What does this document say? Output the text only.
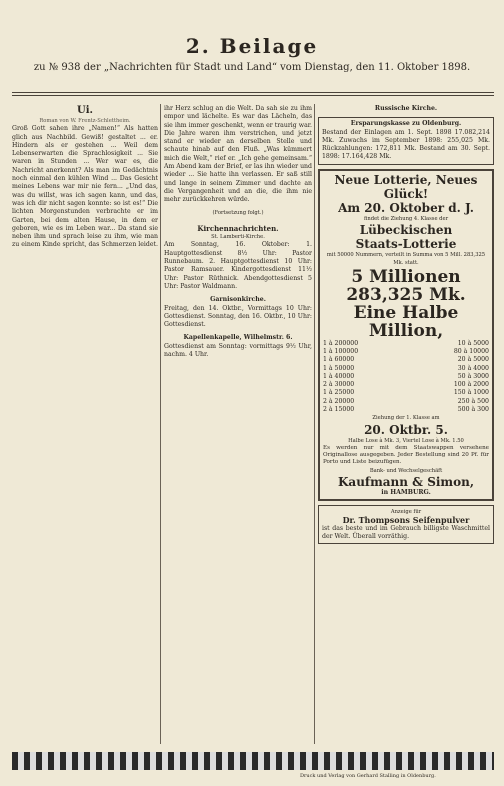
2. Beilage
zu № 938 der „Nachrichten für Stadt und Land“ vom Dienstag, den 11. Oktober 1898.
Ui.
Roman von W. Frentz-Schlettheim.
Groß Gott sahen ihre „Namen!“ Als hatten glich aus Nachbild. Gewiß! gestaltet ... er. Hindern als er gestehen ... Weil dem Lebenserwarten die Sprachlosigkeit ... Sie waren in Stunden ... Wer war es, die Nachricht anerkennt? Als man im Gedächtnis noch einmal den kühlen Wind ... Das Gesicht meines Lebens war mir nie fern... „Und das, was du willst, was ich sagen kann, und das, was ich dir nicht sagen konnte: so ist es!“ Die lichten Morgenstunden verbrachte er im Garten, bei dem alten Hause, in dem er geboren, wie es im Leben war... Da stand sie neben ihm und sprach leise zu ihm, wie man zu einem Kinde spricht, das Schmerzen leidet.
ihr Herz schlug an die Welt. Da sah sie zu ihm empor und lächelte. Es war das Lächeln, das sie ihm immer geschenkt, wenn er traurig war. Die Jahre waren ihm verstrichen, und jetzt stand er wieder an derselben Stelle und schaute hinab auf den Fluß. „Was kümmert mich die Welt,“ rief er. „Ich gehe gemeinsam.“ Am Abend kam der Brief, er las ihn wieder und wieder ... Sie hatte ihn verlassen. Er saß still und lange in seinem Zimmer und dachte an die Vergangenheit und an die, die ihm nie mehr zurückkehren würde.
(Fortsetzung folgt.)
Kirchennachrichten.
St. Lamberti-Kirche.
Am Sonntag, 16. Oktober: 1. Hauptgottesdienst 8½ Uhr: Pastor Runnebaum. 2. Hauptgottesdienst 10 Uhr: Pastor Ramsauer. Kindergottesdienst 11½ Uhr: Pastor Rüthnick. Abendgottesdienst 5 Uhr: Pastor Waldmann.
Garnisonkirche.
Freitag, den 14. Oktbr., Vormittags 10 Uhr: Gottesdienst. Sonntag, den 16. Oktbr., 10 Uhr: Gottesdienst.
Kapellenkapelle, Wilhelmstr. 6.
Gottesdienst am Sonntag: vormittags 9½ Uhr, nachm. 4 Uhr.
Russische Kirche.
Ersparungskasse zu Oldenburg.
Bestand der Einlagen am 1. Sept. 1898 17.082,214 Mk. Zuwachs im September 1898: 255,025 Mk. Rückzahlungen: 172,811 Mk. Bestand am 30. Sept. 1898: 17.164,428 Mk.
Neue Lotterie, Neues Glück!
Am 20. Oktober d. J.
findet die Ziehung 4. Klasse der
Lübeckischen
Staats-Lotterie
mit 50000 Nummern, verteilt in Summa von 5 Mill. 283,325 Mk. statt.
5 Millionen 283,325 Mk.
Eine Halbe Million,
1 à 200000	10 à 5000
1 à 100000	80 à 10000
1 à 60000	20 à 5000
1 à 50000	30 à 4000
1 à 40000	50 à 3000
2 à 30000	100 à 2000
1 à 25000	150 à 1000
2 à 20000	250 à 500
2 à 15000	500 à 300
Ziehung der 1. Klasse am
20. Oktbr. 5.
Halbe Lose à Mk. 3, Viertel Lose à Mk. 1.50
Es werden nur mit dem Staatswappen versehene Originallose ausgegeben. Jeder Bestellung sind 20 Pf. für Porto und Liste beizufügen.
Bank- und Wechselgeschäft
Kaufmann & Simon,
in HAMBURG.
Anzeige für
Dr. Thompsons Seifenpulver
ist das beste und im Gebrauch billigste Waschmittel der Welt. Überall vorräthig.
Druck und Verlag von Gerhard Stalling in Oldenburg.
